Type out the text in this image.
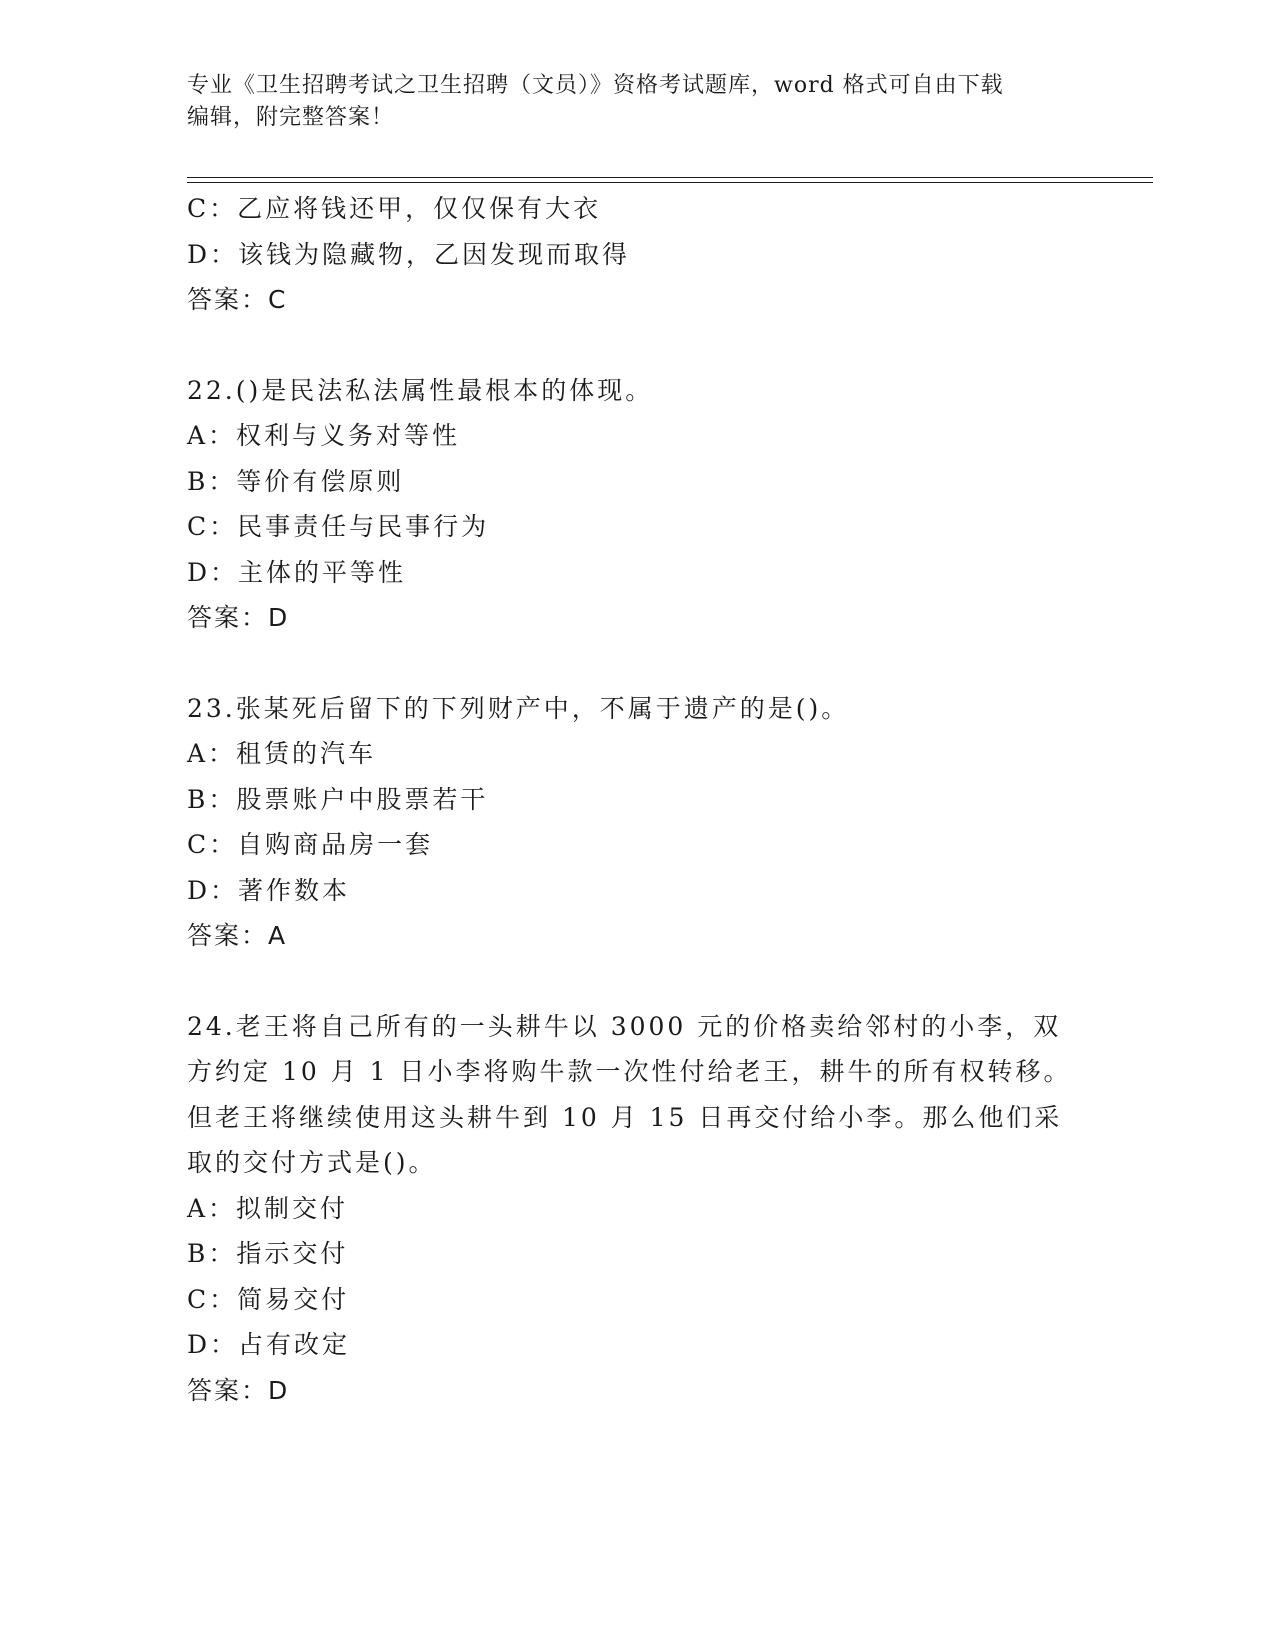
专业《卫生招聘考试之卫生招聘（文员）》资格考试题库，word 格式可自由下载
编辑，附完整答案！
C：乙应将钱还甲，仅仅保有大衣
D：该钱为隐藏物，乙因发现而取得
答案：C
22.()是民法私法属性最根本的体现。
A：权利与义务对等性
B：等价有偿原则
C：民事责任与民事行为
D：主体的平等性
答案：D
23.张某死后留下的下列财产中，不属于遗产的是()。
A：租赁的汽车
B：股票账户中股票若干
C：自购商品房一套
D：著作数本
答案：A
24.老王将自己所有的一头耕牛以 3000 元的价格卖给邻村的小李，双
方约定 10 月 1 日小李将购牛款一次性付给老王，耕牛的所有权转移。
但老王将继续使用这头耕牛到 10 月 15 日再交付给小李。那么他们采
取的交付方式是()。
A：拟制交付
B：指示交付
C：简易交付
D：占有改定
答案：D
